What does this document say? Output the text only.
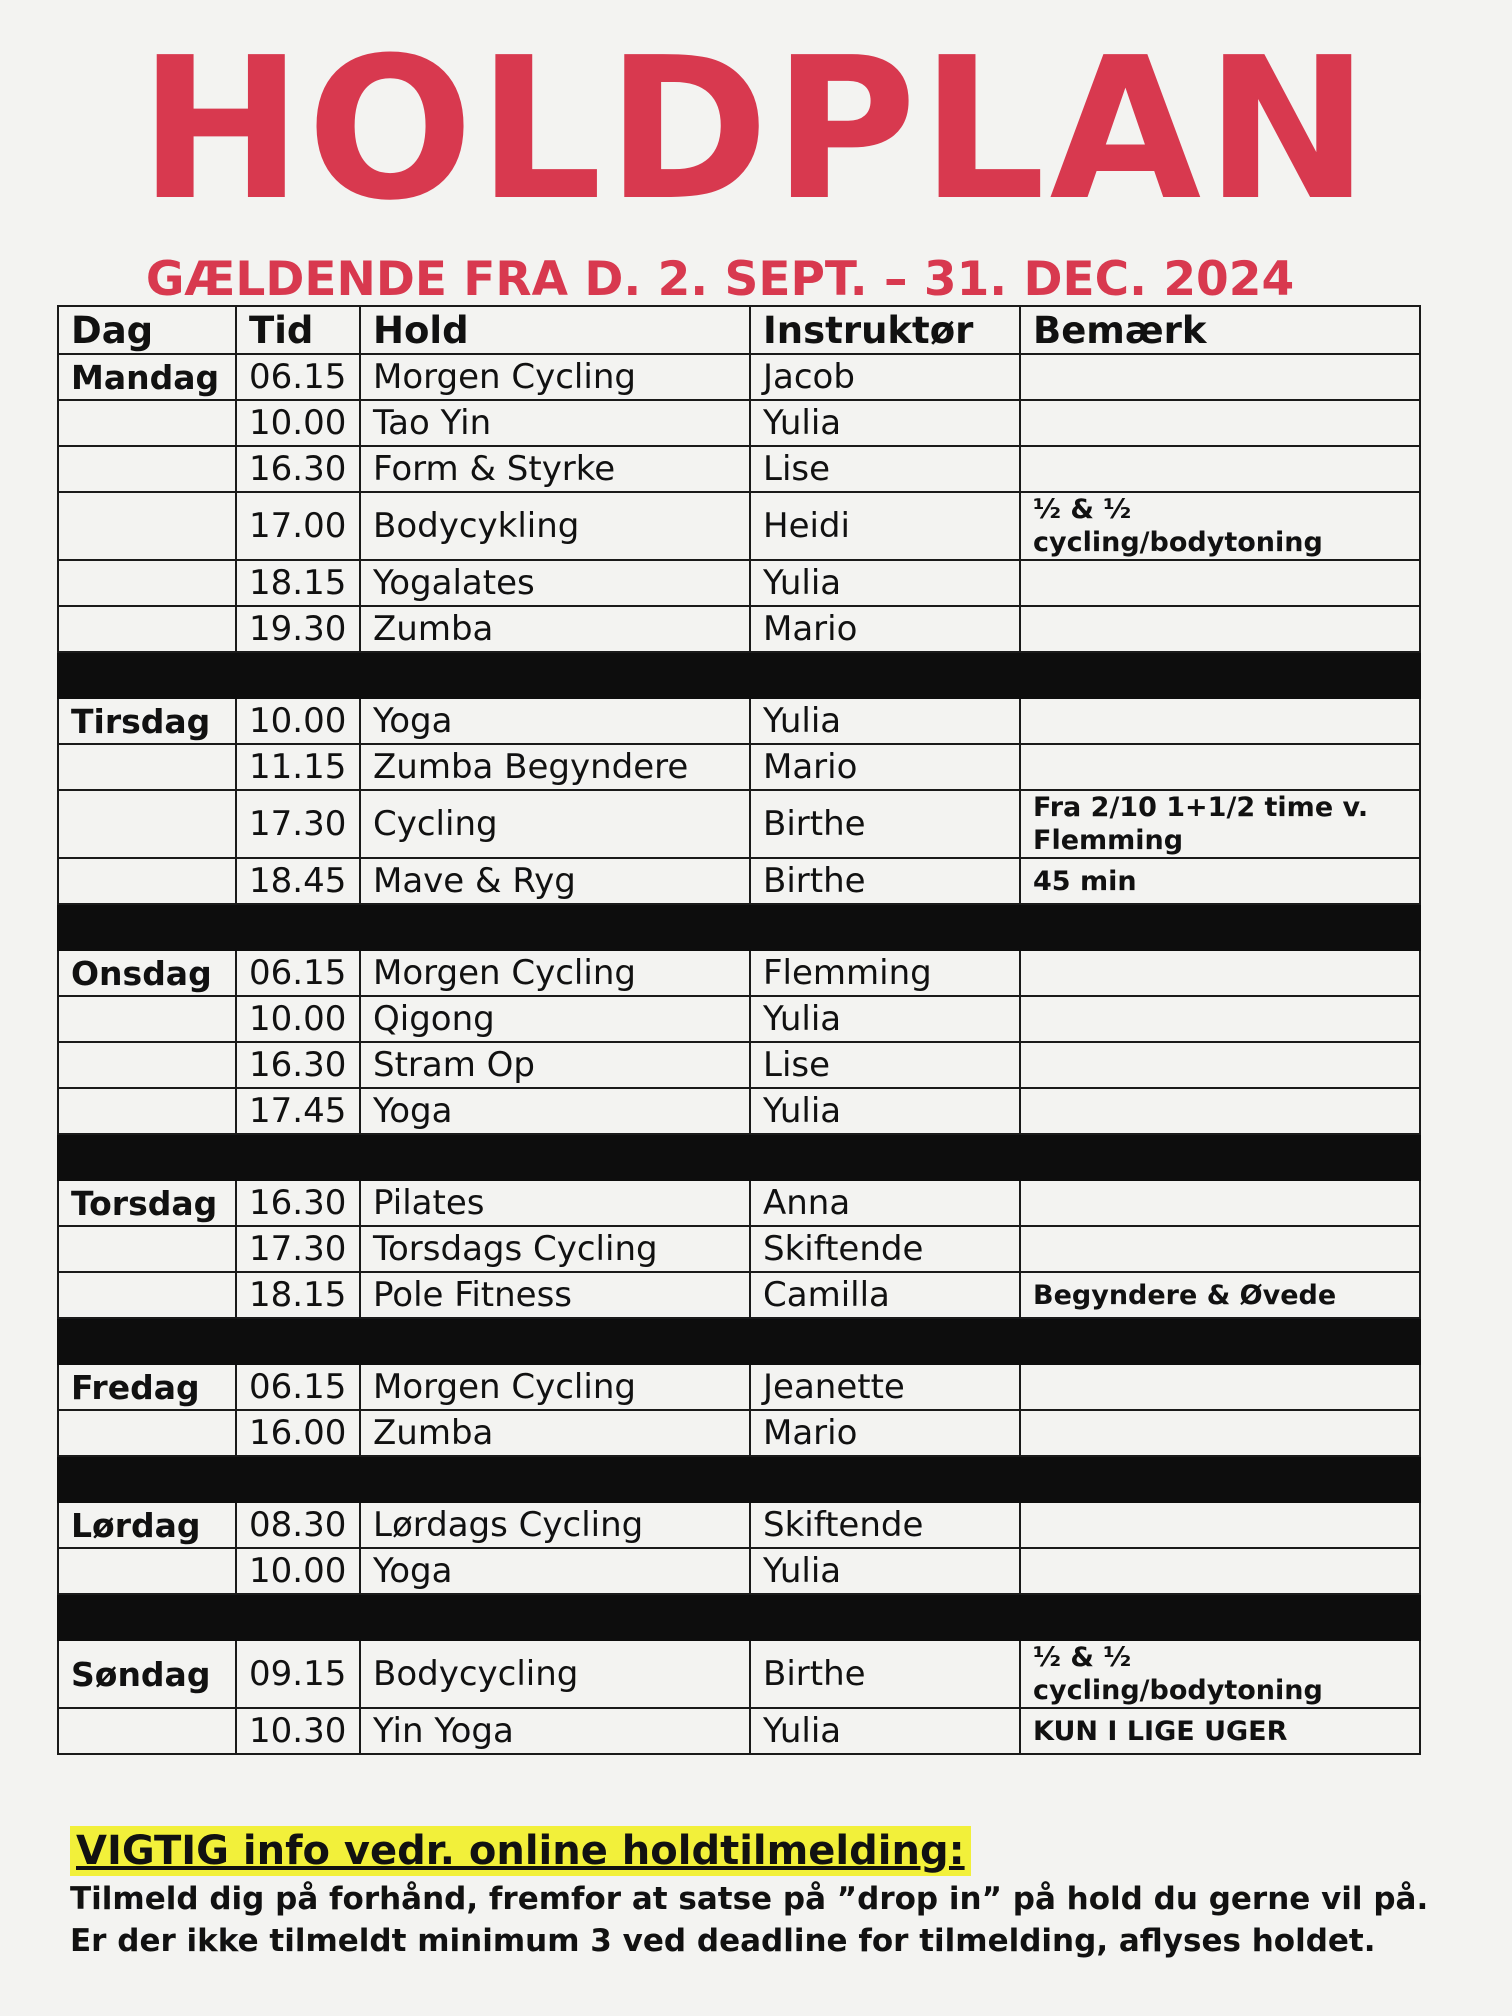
HOLDPLAN
GÆLDENDE FRA D. 2. SEPT. – 31. DEC. 2024
Dag	Tid	Hold	Instruktør	Bemærk
Mandag	06.15	Morgen Cycling	Jacob	
	10.00	Tao Yin	Yulia	
	16.30	Form & Styrke	Lise	
	17.00	Bodycykling	Heidi	½ & ½ cycling/bodytoning
	18.15	Yogalates	Yulia	
	19.30	Zumba	Mario	

Tirsdag	10.00	Yoga	Yulia	
	11.15	Zumba Begyndere	Mario	
	17.30	Cycling	Birthe	Fra 2/10 1+1/2 time v. Flemming
	18.45	Mave & Ryg	Birthe	45 min

Onsdag	06.15	Morgen Cycling	Flemming	
	10.00	Qigong	Yulia	
	16.30	Stram Op	Lise	
	17.45	Yoga	Yulia	

Torsdag	16.30	Pilates	Anna	
	17.30	Torsdags Cycling	Skiftende	
	18.15	Pole Fitness	Camilla	Begyndere & Øvede

Fredag	06.15	Morgen Cycling	Jeanette	
	16.00	Zumba	Mario	

Lørdag	08.30	Lørdags Cycling	Skiftende	
	10.00	Yoga	Yulia	

Søndag	09.15	Bodycycling	Birthe	½ & ½ cycling/bodytoning
	10.30	Yin Yoga	Yulia	KUN I LIGE UGER
VIGTIG info vedr. online holdtilmelding:
Tilmeld dig på forhånd, fremfor at satse på ”drop in” på hold du gerne vil på.
Er der ikke tilmeldt minimum 3 ved deadline for tilmelding, aflyses holdet.
